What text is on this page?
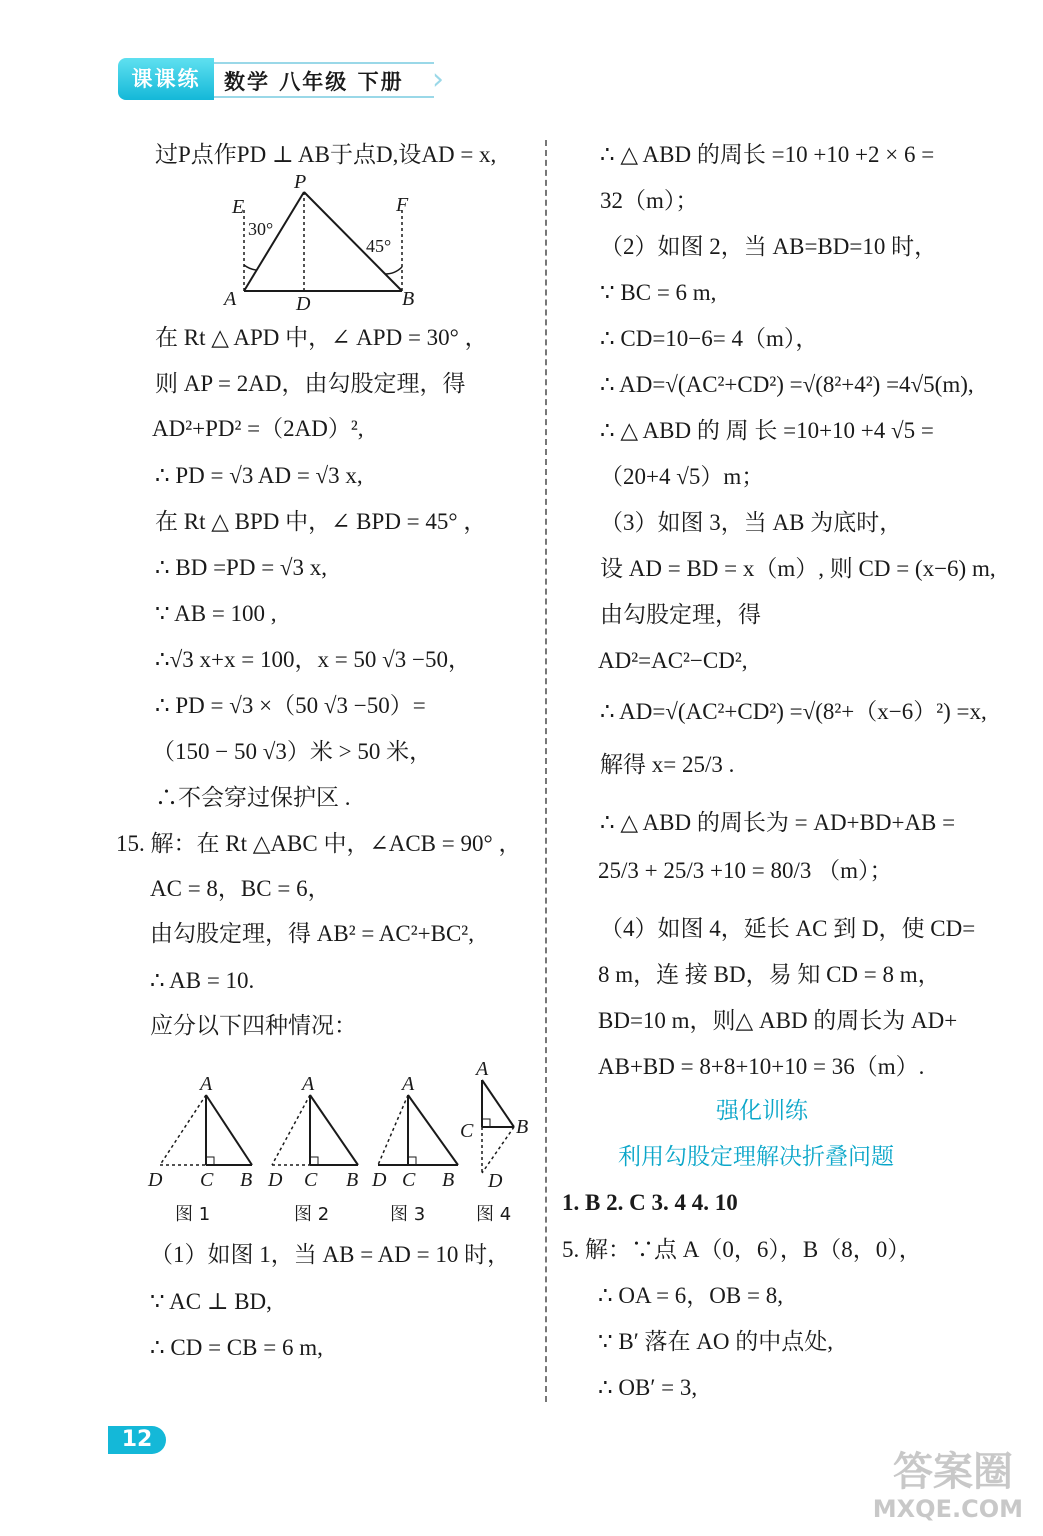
课课练	数学 八年级 下册 ›
过P点作PD ⊥ AB于点D,设AD = x,
在 Rt △ APD 中，∠ APD = 30° ，
则 AP = 2AD，由勾股定理，得
AD²+PD² =（2AD）²,
∴ PD = √3 AD = √3 x,
在 Rt △ BPD 中，∠ BPD = 45° ，
∴ BD =PD = √3 x,
∵ AB = 100 ,
∴√3 x+x = 100，x = 50 √3 −50，
∴ PD = √3 ×（50 √3 −50）=
（150 − 50 √3）米 > 50 米，
∴不会穿过保护区 .
15. 解：在 Rt △ABC 中，∠ACB = 90° ，
AC = 8，BC = 6，
由勾股定理，得 AB² = AC²+BC²,
∴ AB = 10.
应分以下四种情况：
（1）如图 1，当 AB = AD = 10 时，
∵ AC ⊥ BD,
∴ CD = CB = 6 m,
E
P
F
A	D	B
30°
45°
A
D C B
图 1
A
D C B
图 2
A
D C B
图 3
A
C B
D
图 4
∴ △ ABD 的周长 =10 +10 +2 × 6 =
32（m）；
（2）如图 2，当 AB=BD=10 时，
∵ BC = 6 m,
∴ CD=10−6= 4（m），
∴ AD=√(AC²+CD²) =√(8²+4²) =4√5(m),
∴ △ ABD 的 周 长 =10+10 +4 √5 =
（20+4 √5）m；
（3）如图 3，当 AB 为底时，
设 AD = BD = x（m）, 则 CD = (x−6) m,
由勾股定理，得
AD²=AC²−CD²,
∴ AD=√(AC²+CD²) =√(8²+（x−6）²) =x,
解得 x= 25/3 .
∴ △ ABD 的周长为 = AD+BD+AB =
25/3 + 25/3 +10 = 80/3 （m）；
（4）如图 4，延长 AC 到 D，使 CD=
8 m，连 接 BD，易 知 CD = 8 m，
BD=10 m，则△ ABD 的周长为 AD+
AB+BD = 8+8+10+10 = 36（m）.
强化训练
利用勾股定理解决折叠问题
1. B 2. C 3. 4 4. 10
5. 解：∵点 A（0，6），B（8，0），
∴ OA = 6，OB = 8,
∵ B′ 落在 AO 的中点处,
∴ OB′ = 3,
12
答案圈
MXQE.COM
